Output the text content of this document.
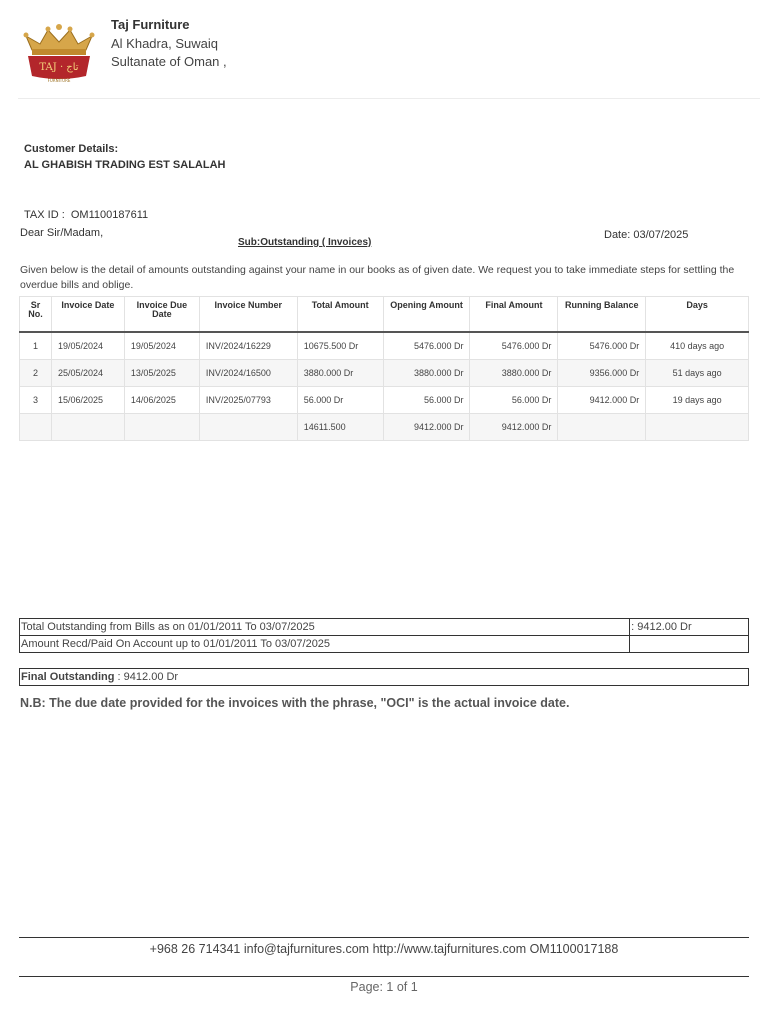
TAJ · تاج
FURNITURE
Taj Furniture
Al Khadra, Suwaiq
Sultanate of Oman ,
Customer Details:
AL GHABISH TRADING EST SALALAH
TAX ID : OM1100187611
Dear Sir/Madam,
Sub:Outstanding ( Invoices)
Date: 03/07/2025
Given below is the detail of amounts outstanding against your name in our books as of given date. We request you to take immediate steps for settling the overdue bills and oblige.
Sr No.	Invoice Date	Invoice Due Date	Invoice Number	Total Amount	Opening Amount	Final Amount	Running Balance	Days
1	19/05/2024	19/05/2024	INV/2024/16229	10675.500 Dr	5476.000 Dr	5476.000 Dr	5476.000 Dr	410 days ago
2	25/05/2024	13/05/2025	INV/2024/16500	3880.000 Dr	3880.000 Dr	3880.000 Dr	9356.000 Dr	51 days ago
3	15/06/2025	14/06/2025	INV/2025/07793	56.000 Dr	56.000 Dr	56.000 Dr	9412.000 Dr	19 days ago
				14611.500	9412.000 Dr	9412.000 Dr		
Total Outstanding from Bills as on 01/01/2011 To 03/07/2025	: 9412.00 Dr
Amount Recd/Paid On Account up to 01/01/2011 To 03/07/2025	
Final Outstanding : 9412.00 Dr
N.B: The due date provided for the invoices with the phrase, "OCI" is the actual invoice date.
+968 26 714341 info@tajfurnitures.com http://www.tajfurnitures.com OM1100017188
Page: 1 of 1
